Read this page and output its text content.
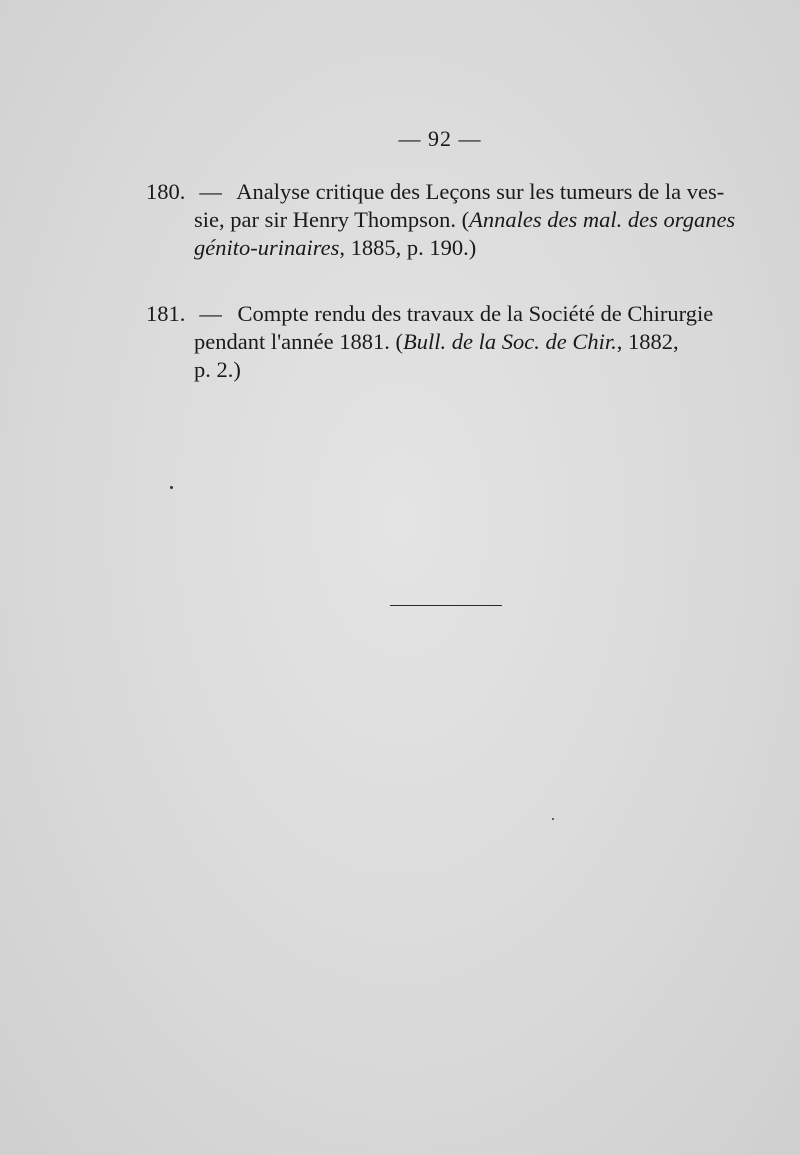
— 92 —
180. — Analyse critique des Leçons sur les tumeurs de la ves-
sie, par sir Henry Thompson. (Annales des mal. des organes
génito-urinaires, 1885, p. 190.)
181. — Compte rendu des travaux de la Société de Chirurgie
pendant l'année 1881. (Bull. de la Soc. de Chir., 1882,
p. 2.)
